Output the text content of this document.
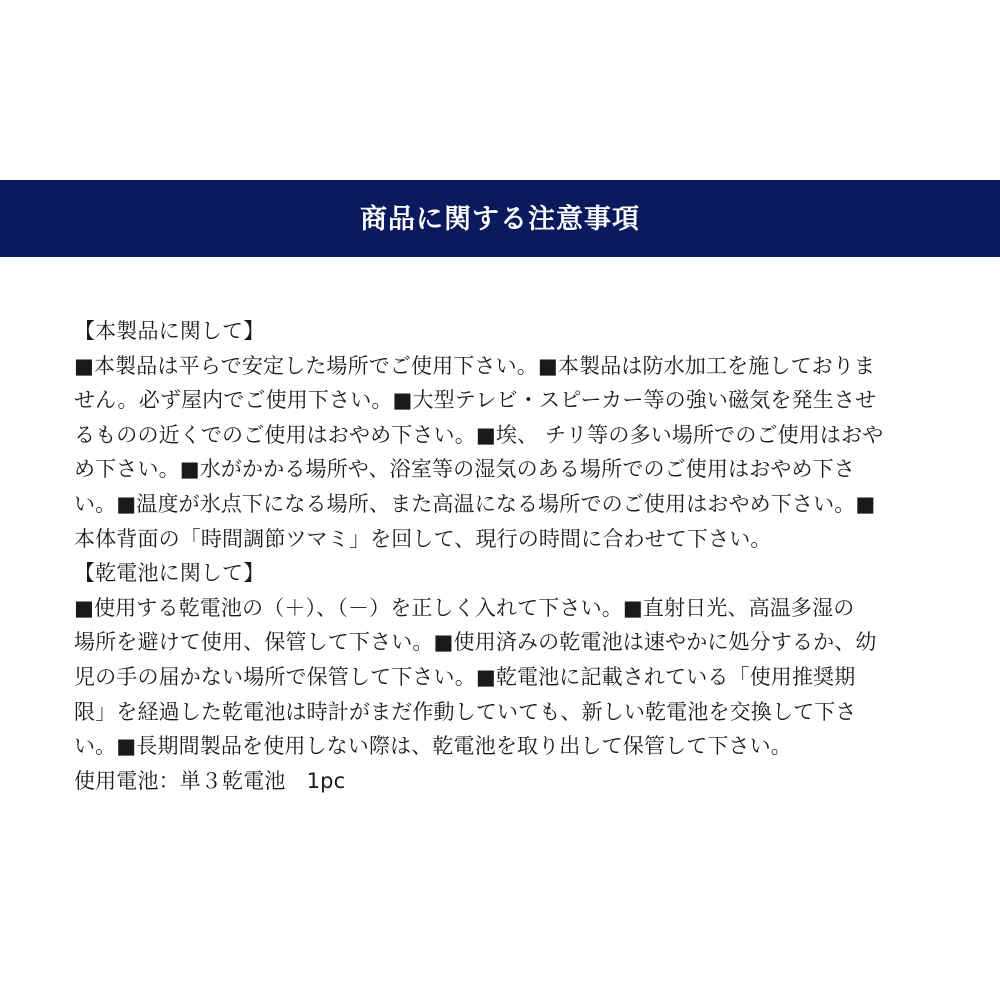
商品に関する注意事項
【本製品に関して】
■本製品は平らで安定した場所でご使用下さい。■本製品は防水加工を施しておりま
せん。必ず屋内でご使用下さい。■大型テレビ・スピーカー等の強い磁気を発生させ
るものの近くでのご使用はおやめ下さい。■埃、 チリ等の多い場所でのご使用はおや
め下さい。■水がかかる場所や、浴室等の湿気のある場所でのご使用はおやめ下さ
い。■温度が氷点下になる場所、また高温になる場所でのご使用はおやめ下さい。■
本体背面の「時間調節ツマミ」を回して、現行の時間に合わせて下さい。
【乾電池に関して】
■使用する乾電池の（＋）、（－）を正しく入れて下さい。■直射日光、高温多湿の
場所を避けて使用、保管して下さい。■使用済みの乾電池は速やかに処分するか、幼
児の手の届かない場所で保管して下さい。■乾電池に記載されている「使用推奨期
限」を経過した乾電池は時計がまだ作動していても、新しい乾電池を交換して下さ
い。■長期間製品を使用しない際は、乾電池を取り出して保管して下さい。
使用電池：単３乾電池　1pc
